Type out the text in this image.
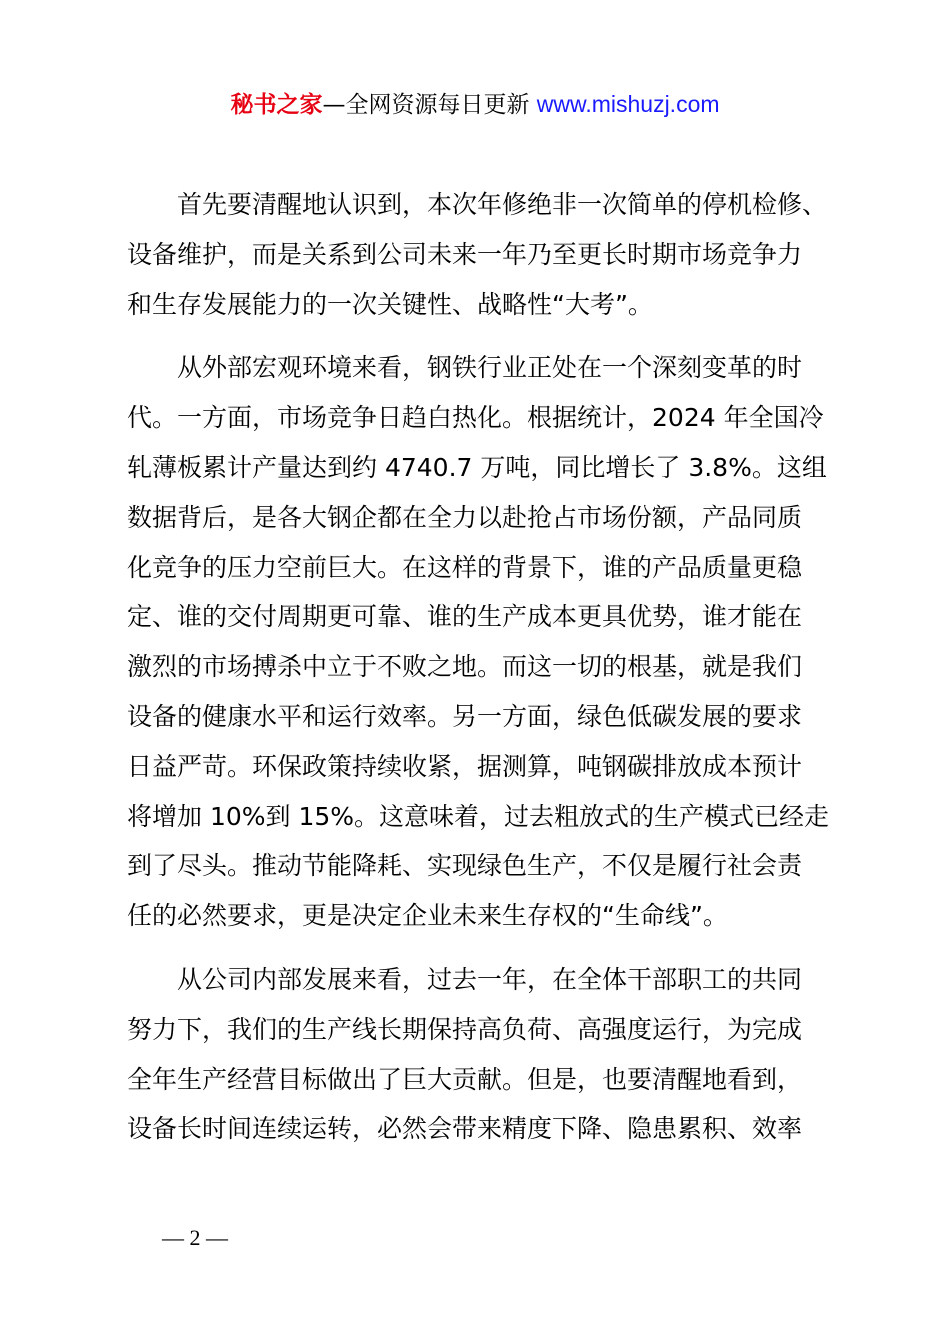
秘书之家—全网资源每日更新 www.mishuzj.com

首先要清醒地认识到，本次年修绝非一次简单的停机检修、
设备维护，而是关系到公司未来一年乃至更长时期市场竞争力
和生存发展能力的一次关键性、战略性“大考”。

从外部宏观环境来看，钢铁行业正处在一个深刻变革的时
代。一方面，市场竞争日趋白热化。根据统计，2024 年全国冷
轧薄板累计产量达到约 4740.7 万吨，同比增长了 3.8%。这组
数据背后，是各大钢企都在全力以赴抢占市场份额，产品同质
化竞争的压力空前巨大。在这样的背景下，谁的产品质量更稳
定、谁的交付周期更可靠、谁的生产成本更具优势，谁才能在
激烈的市场搏杀中立于不败之地。而这一切的根基，就是我们
设备的健康水平和运行效率。另一方面，绿色低碳发展的要求
日益严苛。环保政策持续收紧，据测算，吨钢碳排放成本预计
将增加 10%到 15%。这意味着，过去粗放式的生产模式已经走
到了尽头。推动节能降耗、实现绿色生产，不仅是履行社会责
任的必然要求，更是决定企业未来生存权的“生命线”。

从公司内部发展来看，过去一年，在全体干部职工的共同
努力下，我们的生产线长期保持高负荷、高强度运行，为完成
全年生产经营目标做出了巨大贡献。但是，也要清醒地看到，
设备长时间连续运转，必然会带来精度下降、隐患累积、效率

— 2 —
